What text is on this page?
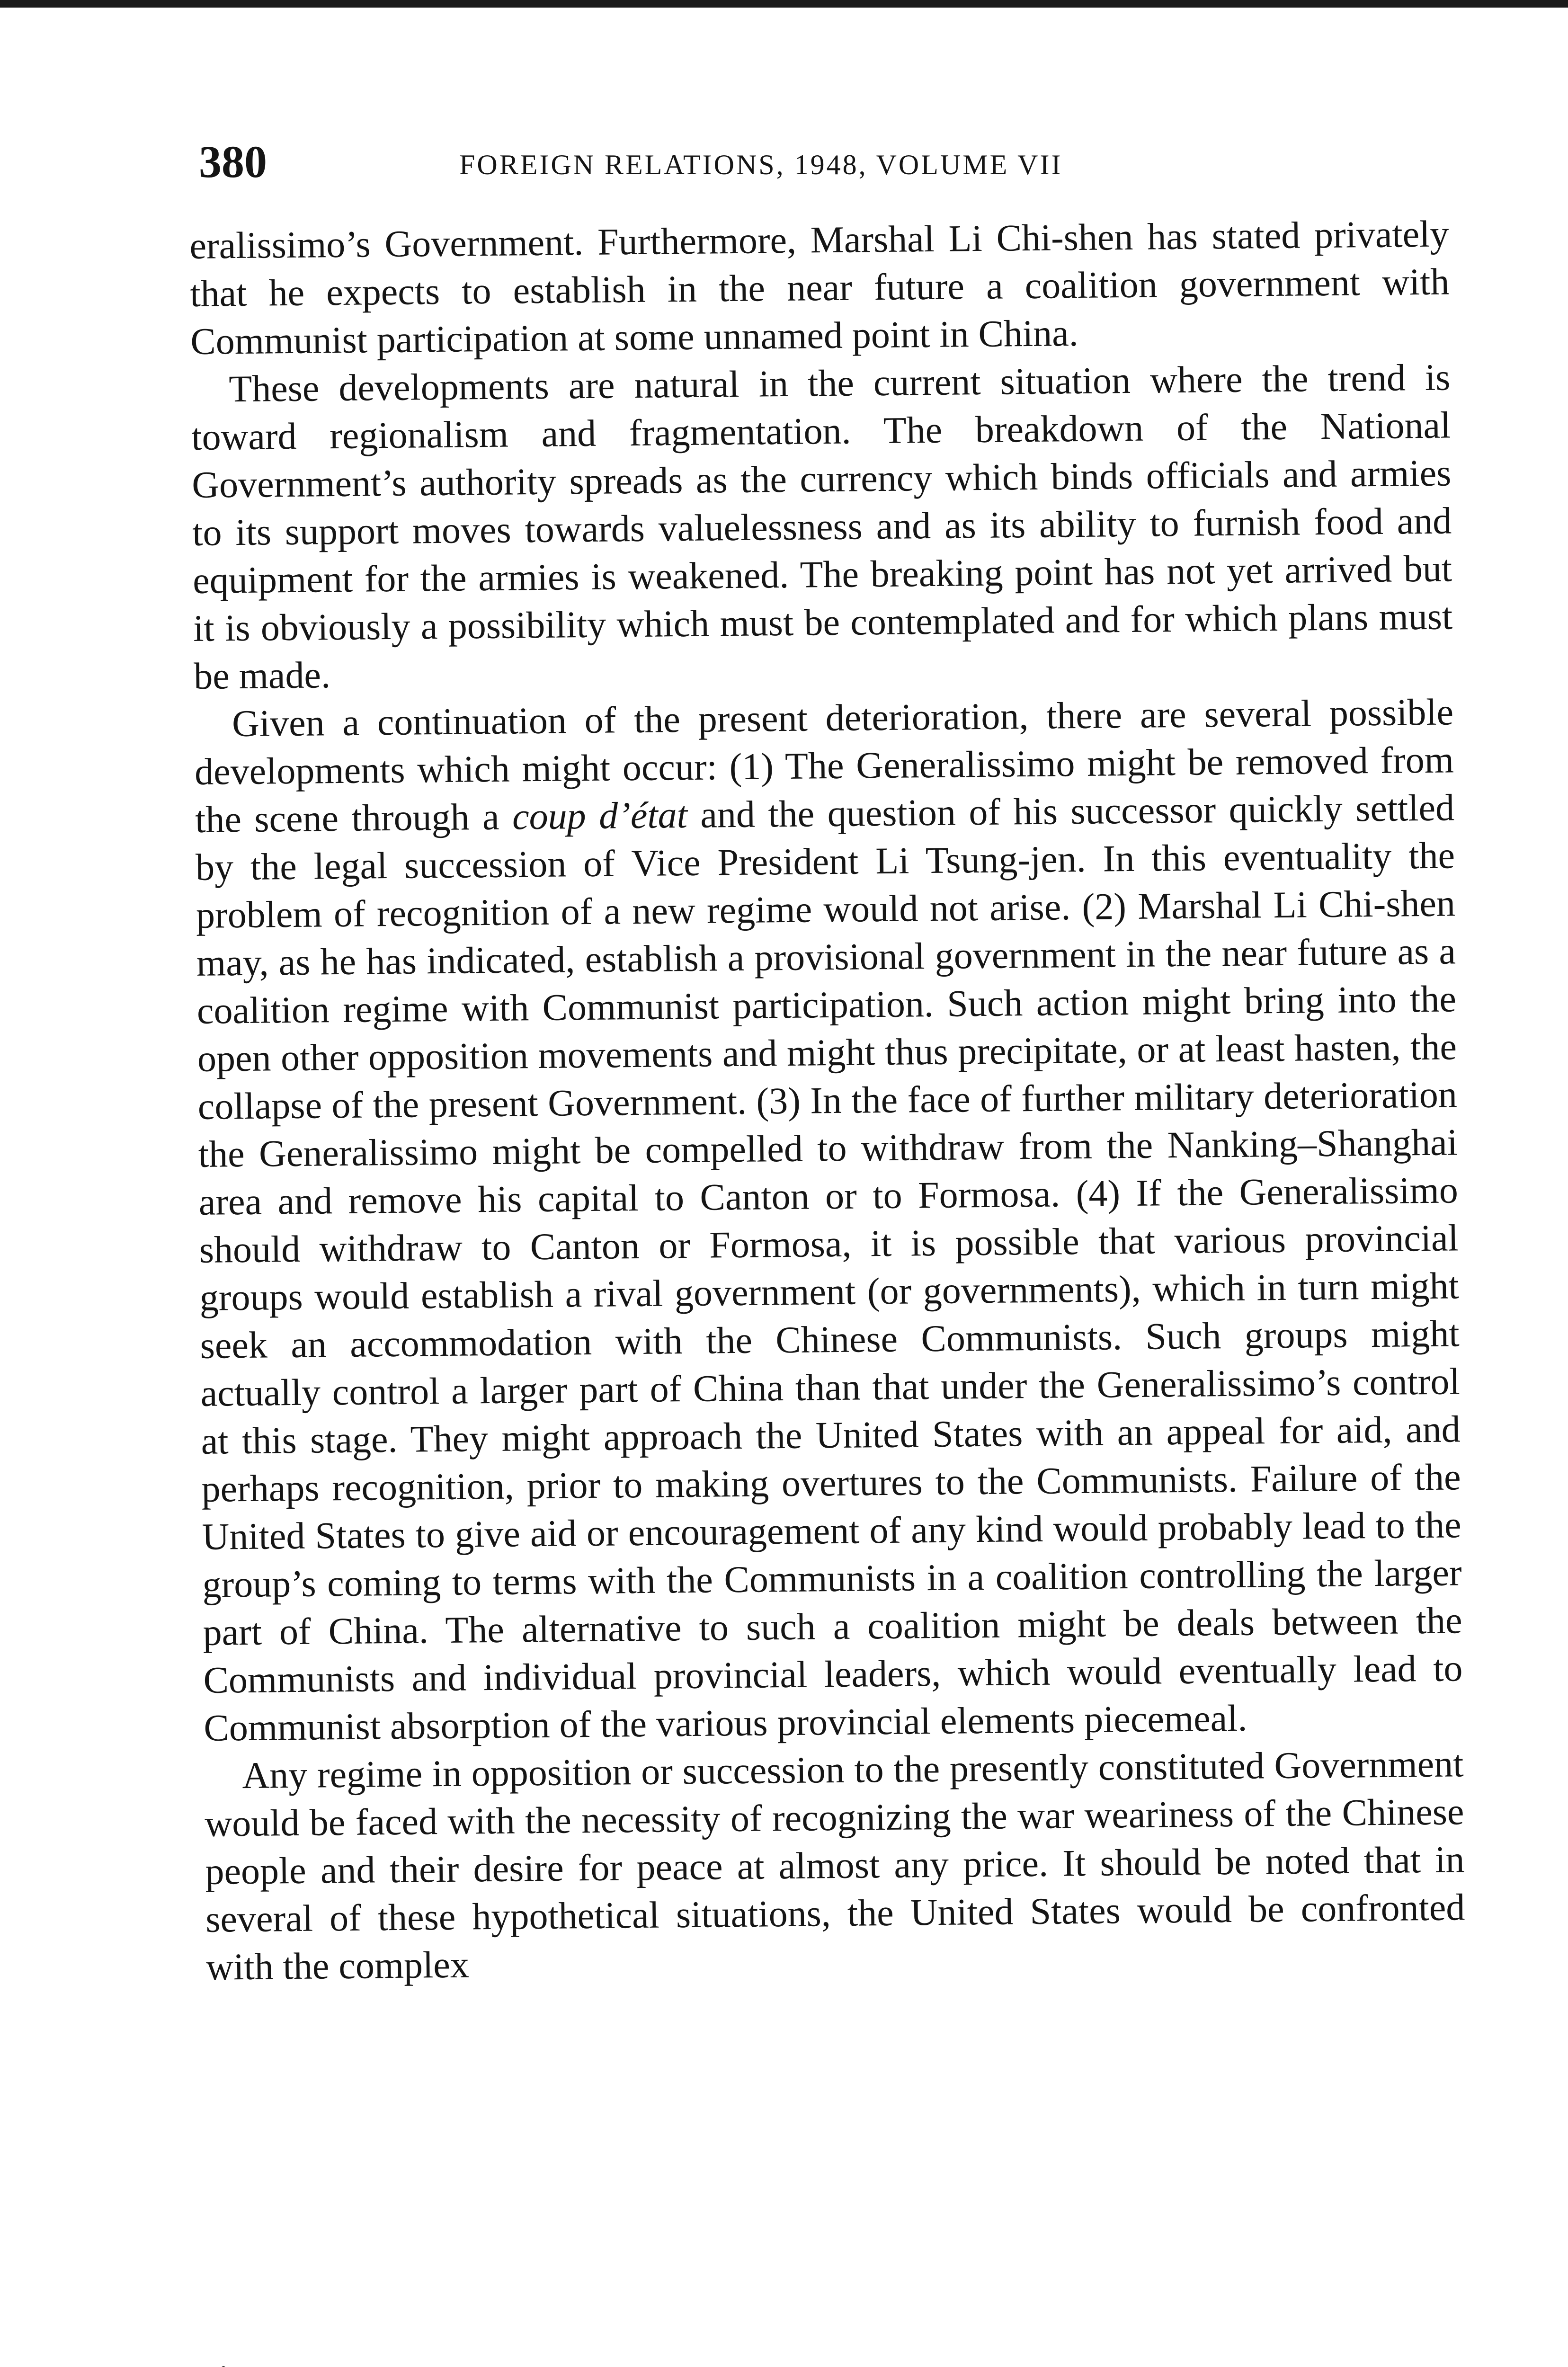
380	FOREIGN RELATIONS, 1948, VOLUME VII

eralissimo’s Government. Furthermore, Marshal Li Chi-shen has stated privately that he expects to establish in the near future a coalition government with Communist participation at some unnamed point in China.

These developments are natural in the current situation where the trend is toward regionalism and fragmentation. The breakdown of the National Government’s authority spreads as the currency which binds officials and armies to its support moves towards valuelessness and as its ability to furnish food and equipment for the armies is weakened. The breaking point has not yet arrived but it is obviously a possibility which must be contemplated and for which plans must be made.

Given a continuation of the present deterioration, there are several possible developments which might occur: (1) The Generalissimo might be removed from the scene through a coup d’état and the question of his successor quickly settled by the legal succession of Vice President Li Tsung-jen. In this eventuality the problem of recognition of a new regime would not arise. (2) Marshal Li Chi-shen may, as he has indicated, establish a provisional government in the near future as a coalition regime with Communist participation. Such action might bring into the open other opposition movements and might thus precipitate, or at least hasten, the collapse of the present Government. (3) In the face of further military deterioration the Generalissimo might be compelled to withdraw from the Nanking–Shanghai area and remove his capital to Canton or to Formosa. (4) If the Generalissimo should withdraw to Canton or Formosa, it is possible that various provincial groups would establish a rival government (or governments), which in turn might seek an accommodation with the Chinese Communists. Such groups might actually control a larger part of China than that under the Generalissimo’s control at this stage. They might approach the United States with an appeal for aid, and perhaps recognition, prior to making overtures to the Communists. Failure of the United States to give aid or encouragement of any kind would probably lead to the group’s coming to terms with the Communists in a coalition controlling the larger part of China. The alternative to such a coalition might be deals between the Communists and individual provincial leaders, which would eventually lead to Communist absorption of the various provincial elements piecemeal.

Any regime in opposition or succession to the presently constituted Government would be faced with the necessity of recognizing the war weariness of the Chinese people and their desire for peace at almost any price. It should be noted that in several of these hypothetical situations, the United States would be confronted with the complex
